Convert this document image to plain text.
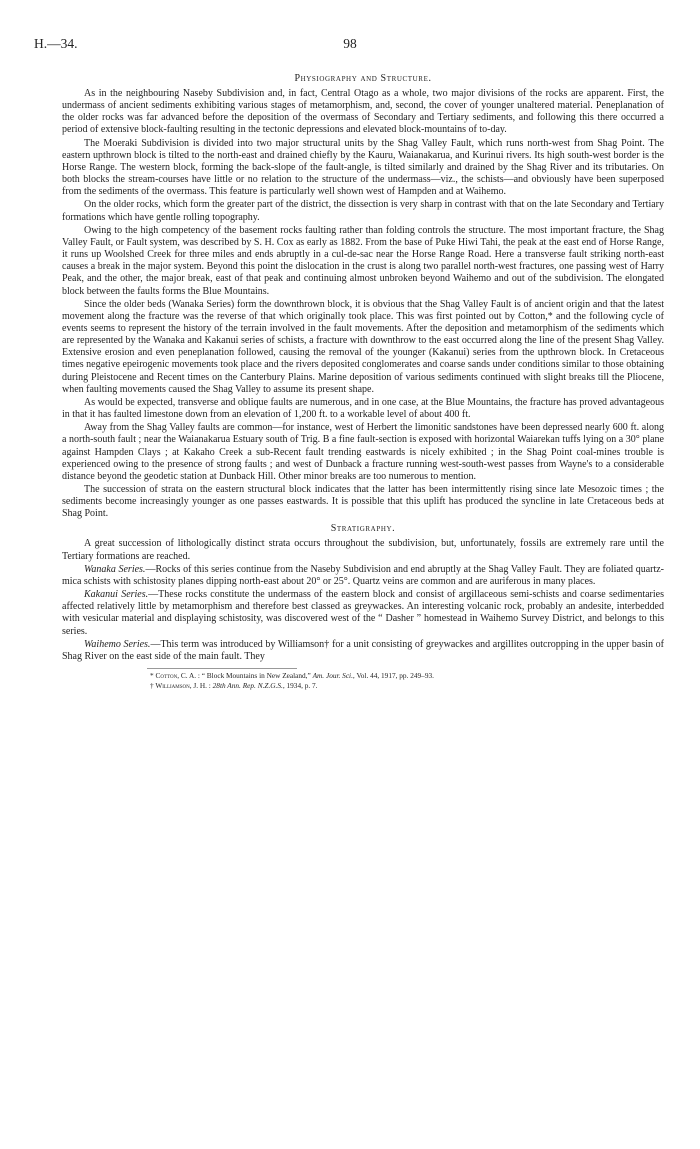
H.—34.	98
Physiography and Structure.

As in the neighbouring Naseby Subdivision and, in fact, Central Otago as a whole, two major divisions of the rocks are apparent. First, the undermass of ancient sediments exhibiting various stages of metamorphism, and, second, the cover of younger unaltered material. Peneplanation of the older rocks was far advanced before the deposition of the overmass of Secondary and Tertiary sediments, and following this there occurred a period of extensive block-faulting resulting in the tectonic depressions and elevated block-mountains of to-day.

The Moeraki Subdivision is divided into two major structural units by the Shag Valley Fault, which runs north-west from Shag Point. The eastern upthrown block is tilted to the north-east and drained chiefly by the Kauru, Waianakarua, and Kurinui rivers. Its high south-west border is the Horse Range. The western block, forming the back-slope of the fault-angle, is tilted similarly and drained by the Shag River and its tributaries. On both blocks the stream-courses have little or no relation to the structure of the undermass—viz., the schists—and obviously have been superposed from the sediments of the overmass. This feature is particularly well shown west of Hampden and at Waihemo.

On the older rocks, which form the greater part of the district, the dissection is very sharp in contrast with that on the late Secondary and Tertiary formations which have gentle rolling topography.

Owing to the high competency of the basement rocks faulting rather than folding controls the structure. The most important fracture, the Shag Valley Fault, or Fault system, was described by S. H. Cox as early as 1882. From the base of Puke Hiwi Tahi, the peak at the east end of Horse Range, it runs up Woolshed Creek for three miles and ends abruptly in a cul-de-sac near the Horse Range Road. Here a transverse fault striking north-east causes a break in the major system. Beyond this point the dislocation in the crust is along two parallel north-west fractures, one passing west of Harry Peak, and the other, the major break, east of that peak and continuing almost unbroken beyond Waihemo and out of the subdivision. The elongated block between the faults forms the Blue Mountains.

Since the older beds (Wanaka Series) form the downthrown block, it is obvious that the Shag Valley Fault is of ancient origin and that the latest movement along the fracture was the reverse of that which originally took place. This was first pointed out by Cotton,* and the following cycle of events seems to represent the history of the terrain involved in the fault movements. After the deposition and metamorphism of the sediments which are represented by the Wanaka and Kakanui series of schists, a fracture with downthrow to the east occurred along the line of the present Shag Valley. Extensive erosion and even peneplanation followed, causing the removal of the younger (Kakanui) series from the upthrown block. In Cretaceous times negative epeirogenic movements took place and the rivers deposited conglomerates and coarse sands under conditions similar to those obtaining during Pleistocene and Recent times on the Canterbury Plains. Marine deposition of various sediments continued with slight breaks till the Pliocene, when faulting movements caused the Shag Valley to assume its present shape.

As would be expected, transverse and oblique faults are numerous, and in one case, at the Blue Mountains, the fracture has proved advantageous in that it has faulted limestone down from an elevation of 1,200 ft. to a workable level of about 400 ft.

Away from the Shag Valley faults are common—for instance, west of Herbert the limonitic sandstones have been depressed nearly 600 ft. along a north-south fault ; near the Waianakarua Estuary south of Trig. B a fine fault-section is exposed with horizontal Waiarekan tuffs lying on a 30° plane against Hampden Clays ; at Kakaho Creek a sub-Recent fault trending eastwards is nicely exhibited ; in the Shag Point coal-mines trouble is experienced owing to the presence of strong faults ; and west of Dunback a fracture running west-south-west passes from Wayne's to a considerable distance beyond the geodetic station at Dunback Hill. Other minor breaks are too numerous to mention.

The succession of strata on the eastern structural block indicates that the latter has been intermittently rising since late Mesozoic times ; the sediments become increasingly younger as one passes eastwards. It is possible that this uplift has produced the syncline in late Cretaceous beds at Shag Point.

Stratigraphy.

A great succession of lithologically distinct strata occurs throughout the subdivision, but, unfortunately, fossils are extremely rare until the Tertiary formations are reached.

Wanaka Series.—Rocks of this series continue from the Naseby Subdivision and end abruptly at the Shag Valley Fault. They are foliated quartz-mica schists with schistosity planes dipping north-east about 20° or 25°. Quartz veins are common and are auriferous in many places.

Kakanui Series.—These rocks constitute the undermass of the eastern block and consist of argillaceous semi-schists and coarse sedimentaries affected relatively little by metamorphism and therefore best classed as greywackes. An interesting volcanic rock, probably an andesite, interbedded with vesicular material and displaying schistosity, was discovered west of the “ Dasher ” homestead in Waihemo Survey District, and belongs to this series.

Waihemo Series.—This term was introduced by Williamson† for a unit consisting of greywackes and argillites outcropping in the upper basin of Shag River on the east side of the main fault. They

* Cotton, C. A. : “ Block Mountains in New Zealand,” Am. Jour. Sci., Vol. 44, 1917, pp. 249–93.
† Williamson, J. H. : 28th Ann. Rep. N.Z.G.S., 1934, p. 7.
